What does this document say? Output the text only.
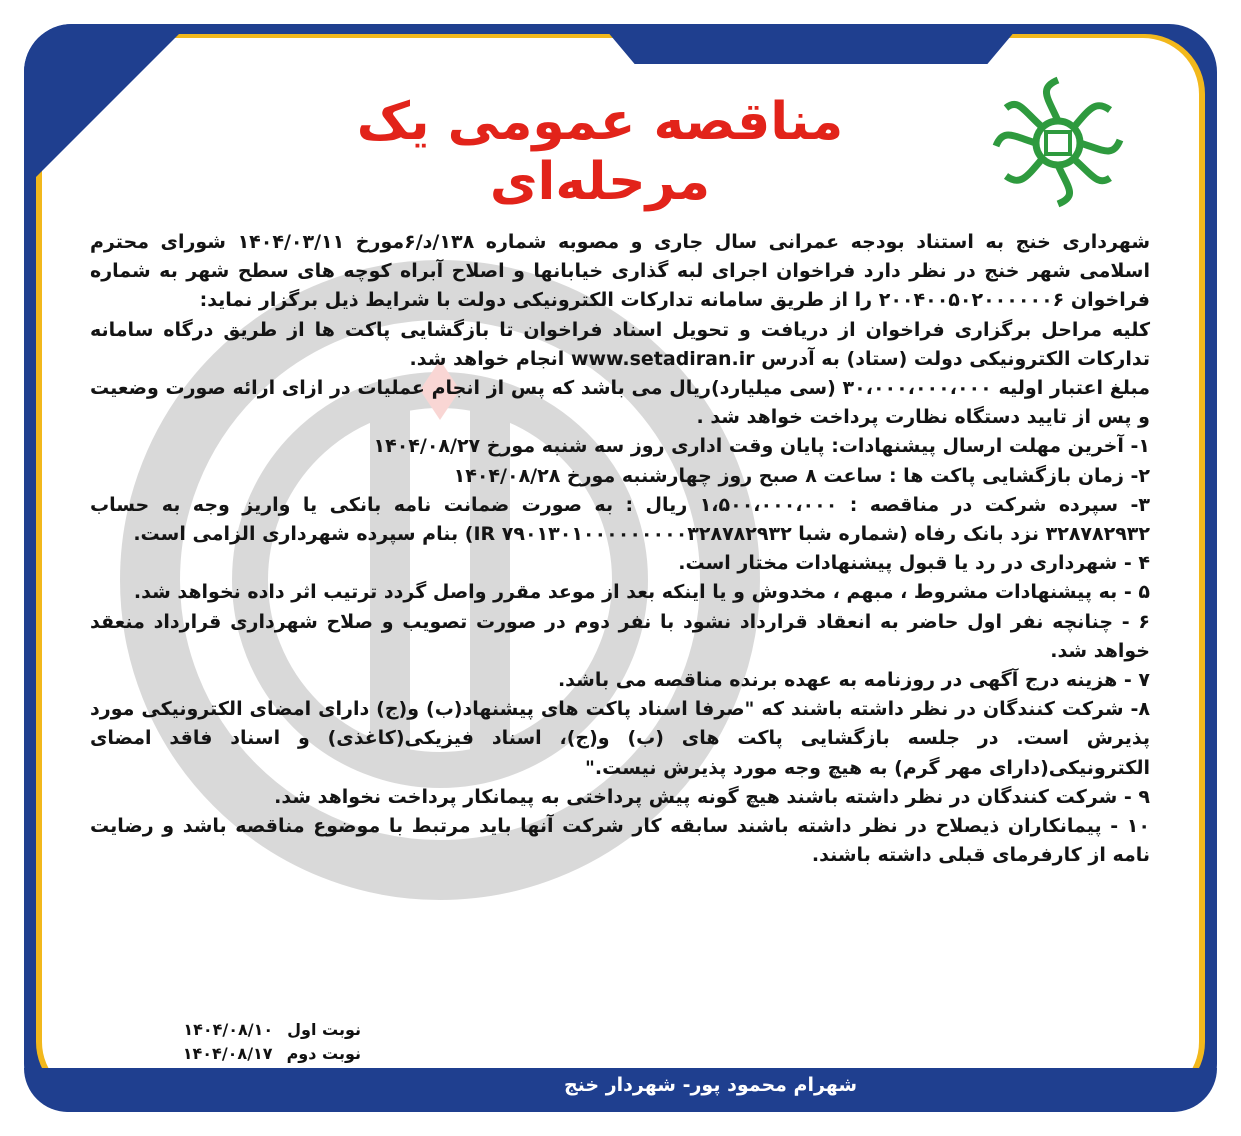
نوبت اول	مناقصه عمومی یک مرحله‌ای

شهرداری خنج به استناد بودجه عمرانی سال جاری و مصوبه شماره ۱۳۸/د/۶مورخ ۱۴۰۴/۰۳/۱۱ شورای محترم اسلامی شهر خنج در نظر دارد فراخوان اجرای لبه گذاری خیابانها و اصلاح آبراه کوچه های سطح شهر به شماره فراخوان ۲۰۰۴۰۰۵۰۲۰۰۰۰۰۰۶ را از طریق سامانه تدارکات الکترونیکی دولت با شرایط ذیل برگزار نماید:

کلیه مراحل برگزاری فراخوان از دریافت و تحویل اسناد فراخوان تا بازگشایی پاکت ها از طریق درگاه سامانه تدارکات الکترونیکی دولت (ستاد) به آدرس www.setadiran.ir انجام خواهد شد.

مبلغ اعتبار اولیه ۳۰،۰۰۰،۰۰۰،۰۰۰ (سی میلیارد)ریال می باشد که پس از انجام عملیات در ازای ارائه صورت وضعیت و پس از تایید دستگاه نظارت پرداخت خواهد شد .

۱- آخرین مهلت ارسال پیشنهادات: پایان وقت اداری روز سه شنبه مورخ ۱۴۰۴/۰۸/۲۷

۲- زمان بازگشایی پاکت ها : ساعت ۸ صبح روز چهارشنبه مورخ ۱۴۰۴/۰۸/۲۸

۳- سپرده شرکت در مناقصه : ۱،۵۰۰،۰۰۰،۰۰۰ ریال : به صورت ضمانت نامه بانکی یا واریز وجه به حساب ۳۲۸۷۸۲۹۳۲ نزد بانک رفاه (شماره شبا IR ۷۹۰۱۳۰۱۰۰۰۰۰۰۰۰۰۳۲۸۷۸۲۹۳۲) بنام سپرده شهرداری الزامی است.

۴ - شهرداری در رد یا قبول پیشنهادات مختار است.

۵ - به پیشنهادات مشروط ، مبهم ، مخدوش و یا اینکه بعد از موعد مقرر واصل گردد ترتیب اثر داده نخواهد شد.

۶ - چنانچه نفر اول حاضر به انعقاد قرارداد نشود با نفر دوم در صورت تصویب و صلاح شهرداری قرارداد منعقد خواهد شد.

۷ - هزینه درج آگهی در روزنامه به عهده برنده مناقصه می باشد.

۸- شرکت کنندگان در نظر داشته باشند که "صرفا اسناد پاکت های پیشنهاد(ب) و(ج) دارای امضای الکترونیکی مورد پذیرش است. در جلسه بازگشایی پاکت های (ب) و(ج)، اسناد فیزیکی(کاغذی) و اسناد فاقد امضای الکترونیکی(دارای مهر گرم) به هیچ وجه مورد پذیرش نیست."

۹ - شرکت کنندگان در نظر داشته باشند هیچ گونه پیش پرداختی به پیمانکار پرداخت نخواهد شد.

۱۰ - پیمانکاران ذیصلاح در نظر داشته باشند سابقه کار شرکت آنها باید مرتبط با موضوع مناقصه باشد و رضایت نامه از کارفرمای قبلی داشته باشند.

نوبت اول
۱۴۰۴/۰۸/۱۰
نوبت دوم
۱۴۰۴/۰۸/۱۷
شهرام محمود پور- شهردار خنج
